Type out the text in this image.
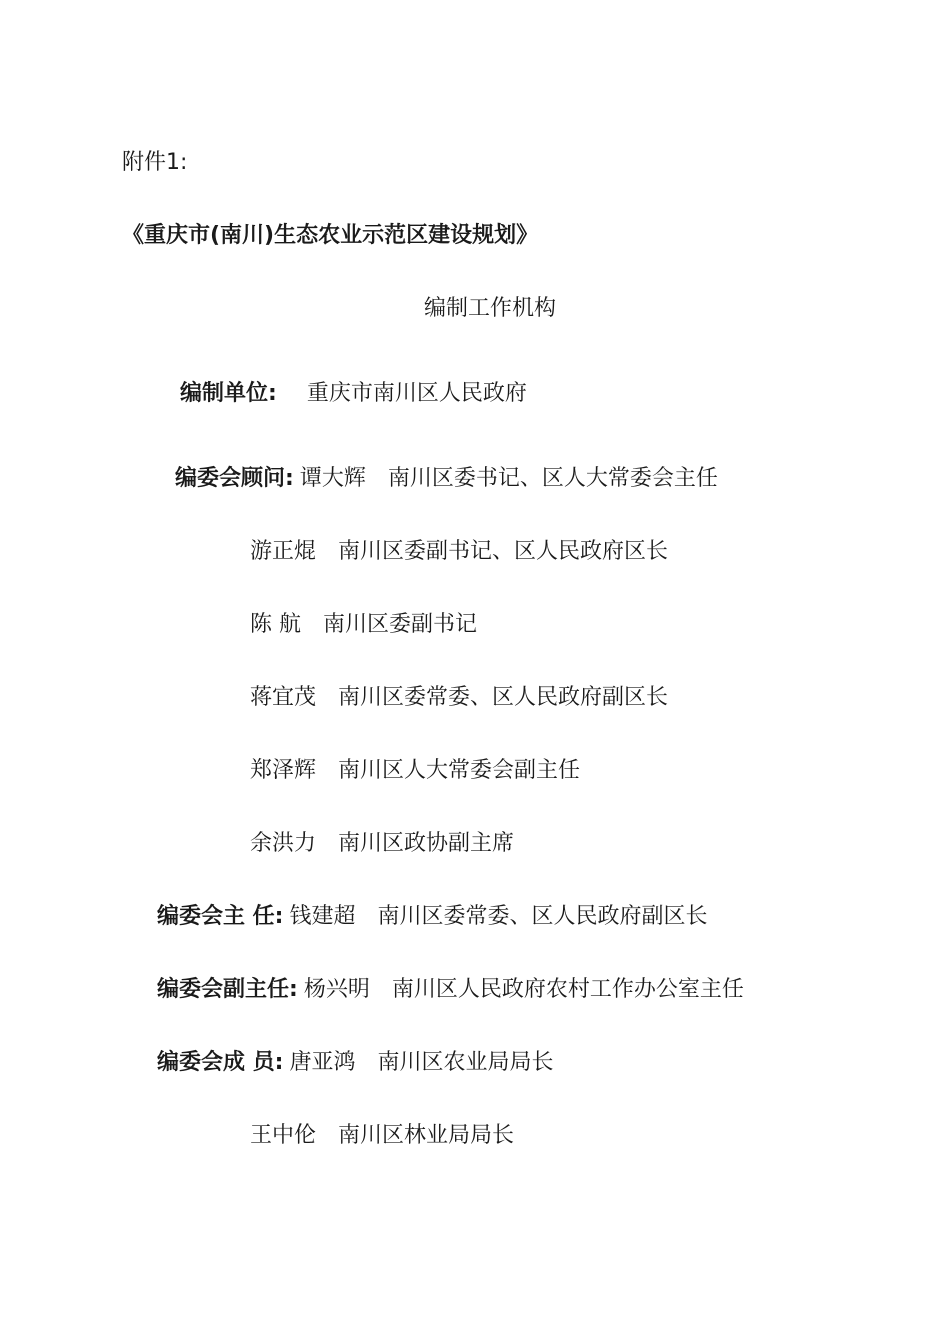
附件1:
《重庆市(南川)生态农业示范区建设规划》
编制工作机构
编制单位: 重庆市南川区人民政府
编委会顾问: 谭大辉 南川区委书记、区人大常委会主任
游正焜 南川区委副书记、区人民政府区长
陈 航 南川区委副书记
蒋宜茂 南川区委常委、区人民政府副区长
郑泽辉 南川区人大常委会副主任
余洪力 南川区政协副主席
编委会主 任: 钱建超 南川区委常委、区人民政府副区长
编委会副主任: 杨兴明 南川区人民政府农村工作办公室主任
编委会成 员: 唐亚鸿 南川区农业局局长
王中伦 南川区林业局局长
